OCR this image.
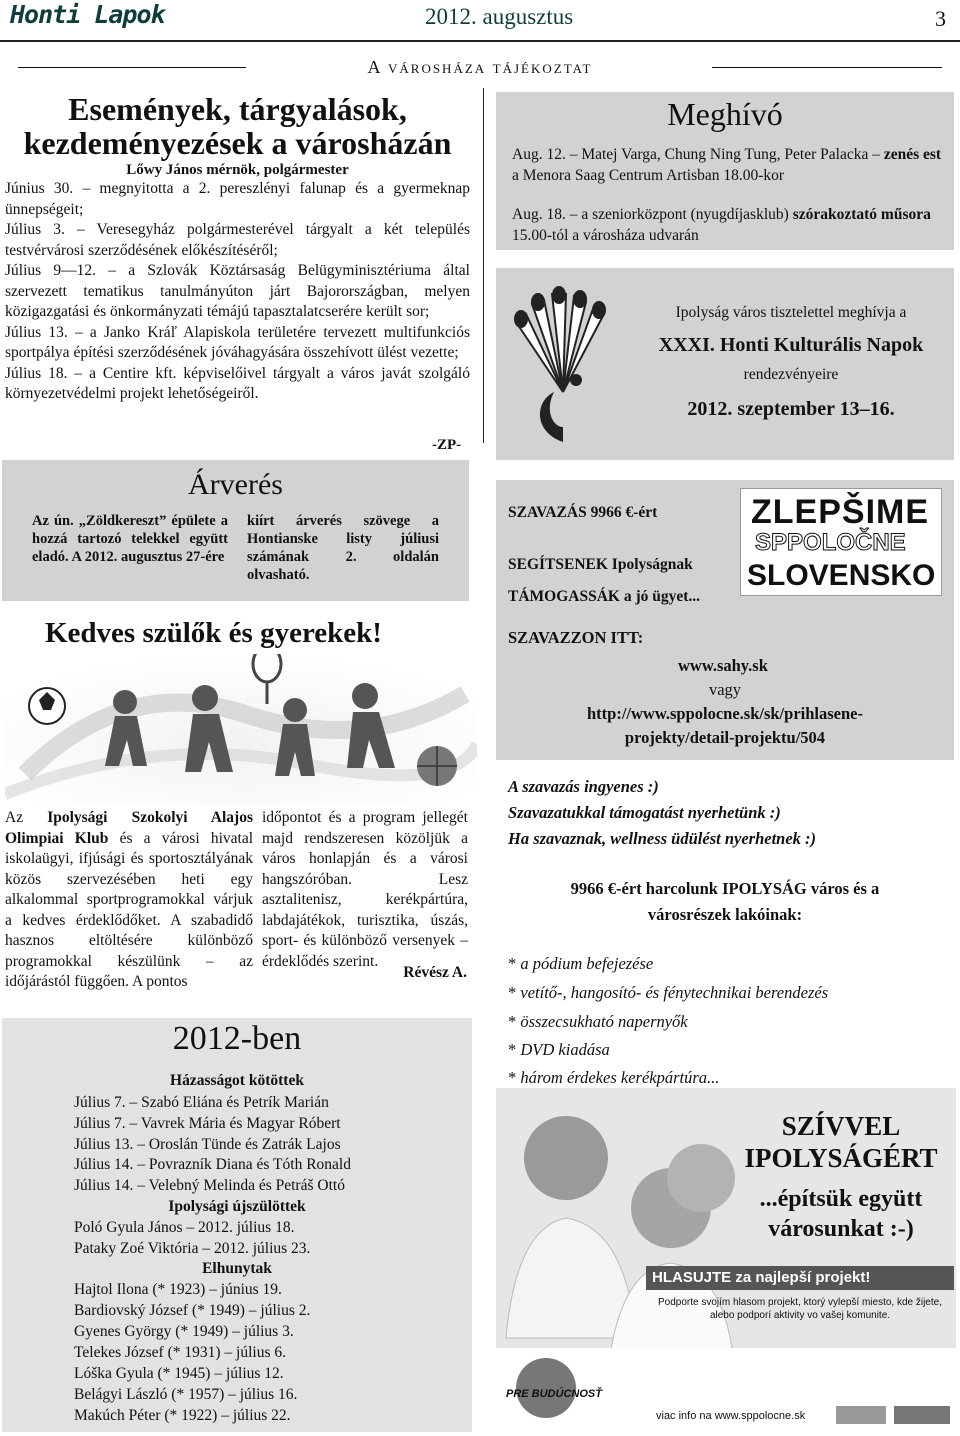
Honti Lapok	2012. augusztus	3
A városháza tájékoztat
Események, tárgyalások,
kezdeményezések a városházán
Lőwy János mérnök, polgármester

Június 30. – megnyitotta a 2. pereszlényi falunap és a gyermeknap ünnepségeit;

Július 3. – Veresegyház polgármesterével tárgyalt a két település testvérvárosi szerződésének előkészítéséről;

Július 9—12. – a Szlovák Köztársaság Belügyminisztériuma által szervezett tematikus tanulmányúton járt Bajorországban, melyen közigazgatási és önkormányzati témájú tapasztalatcserére került sor;

Július 13. – a Janko Kráľ Alapiskola területére tervezett multifunkciós sportpálya építési szerződésének jóváhagyására összehívott ülést vezette;

Július 18. – a Centire kft. képviselőivel tárgyalt a város javát szolgáló környezetvédelmi projekt lehetőségeiről.

-ZP-
Árverés
Az ún. „Zöldkereszt” épülete a hozzá tartozó telekkel együtt eladó. A 2012. augusztus 27-ére
kiírt árverés szövege a Hontianske listy júliusi számának 2. oldalán olvasható.
Kedves szülők és gyerekek!
Az Ipolysági Szokolyi Alajos Olimpiai Klub és a városi hivatal iskolaügyi, ifjúsági és sportosztályának közös szervezésében heti egy alkalommal sportprogramokkal várjuk a kedves érdeklődőket. A szabadidő hasznos eltöltésére különböző programokkal készülünk – az időjárástól függően. A pontos
időpontot és a program jellegét majd rendszeresen közöljük a város honlapján és a városi hangszóróban. Lesz asztalitenisz, kerékpártúra, labdajátékok, turisztika, úszás, sport- és különböző versenyek – érdeklődés szerint.
Révész A.
2012-ben
Házasságot kötöttek
Július 7. – Szabó Eliána és Petrík Marián
Július 7. – Vavrek Mária és Magyar Róbert
Július 13. – Oroslán Tünde és Zatrák Lajos
Július 14. – Povrazník Diana és Tóth Ronald
Július 14. – Velebný Melinda és Petráš Ottó
Ipolysági újszülöttek
Poló Gyula János – 2012. július 18.
Pataky Zoé Viktória – 2012. július 23.
Elhunytak
Hajtol Ilona (* 1923) – június 19.
Bardiovský József (* 1949) – július 2.
Gyenes György (* 1949) – július 3.
Telekes József (* 1931) – július 6.
Lóška Gyula (* 1945) – július 12.
Belágyi László (* 1957) – július 16.
Makúch Péter (* 1922) – július 22.
Meghívó
Aug. 12. – Matej Varga, Chung Ning Tung, Peter Palacka – zenés est a Menora Saag Centrum Artisban 18.00-kor
Aug. 18. – a szeniorközpont (nyugdíjasklub) szórakoztató műsora 15.00-tól a városháza udvarán
Ipolyság város tisztelettel meghívja a
XXXI. Honti Kulturális Napok
rendezvényeire
2012. szeptember 13–16.
SZAVAZÁS 9966 €-ért
SEGÍTSENEK Ipolyságnak
TÁMOGASSÁK a jó ügyet...
ZLEPŠIME
SPPOLOČNE
SLOVENSKO
SZAVAZZON ITT:
www.sahy.sk
vagy
http://www.sppolocne.sk/sk/prihlasene-
projekty/detail-projektu/504
A szavazás ingyenes :)
Szavazatukkal támogatást nyerhetünk :)
Ha szavaznak, wellness üdülést nyerhetnek :)
9966 €-ért harcolunk IPOLYSÁG város és a
városrészek lakóinak:
* a pódium befejezése
* vetítő-, hangosító- és fénytechnikai berendezés
* összecsukható napernyők
* DVD kiadása
* három érdekes kerékpártúra...
SZÍVVEL
IPOLYSÁGÉRT
...építsük együtt
városunkat :-)
HLASUJTE za najlepší projekt!
Podporte svojím hlasom projekt, ktorý vylepší miesto, kde žijete,
alebo podporí aktivity vo vašej komunite.
PRE BUDÚCNOSŤ
viac info na www.sppolocne.sk
